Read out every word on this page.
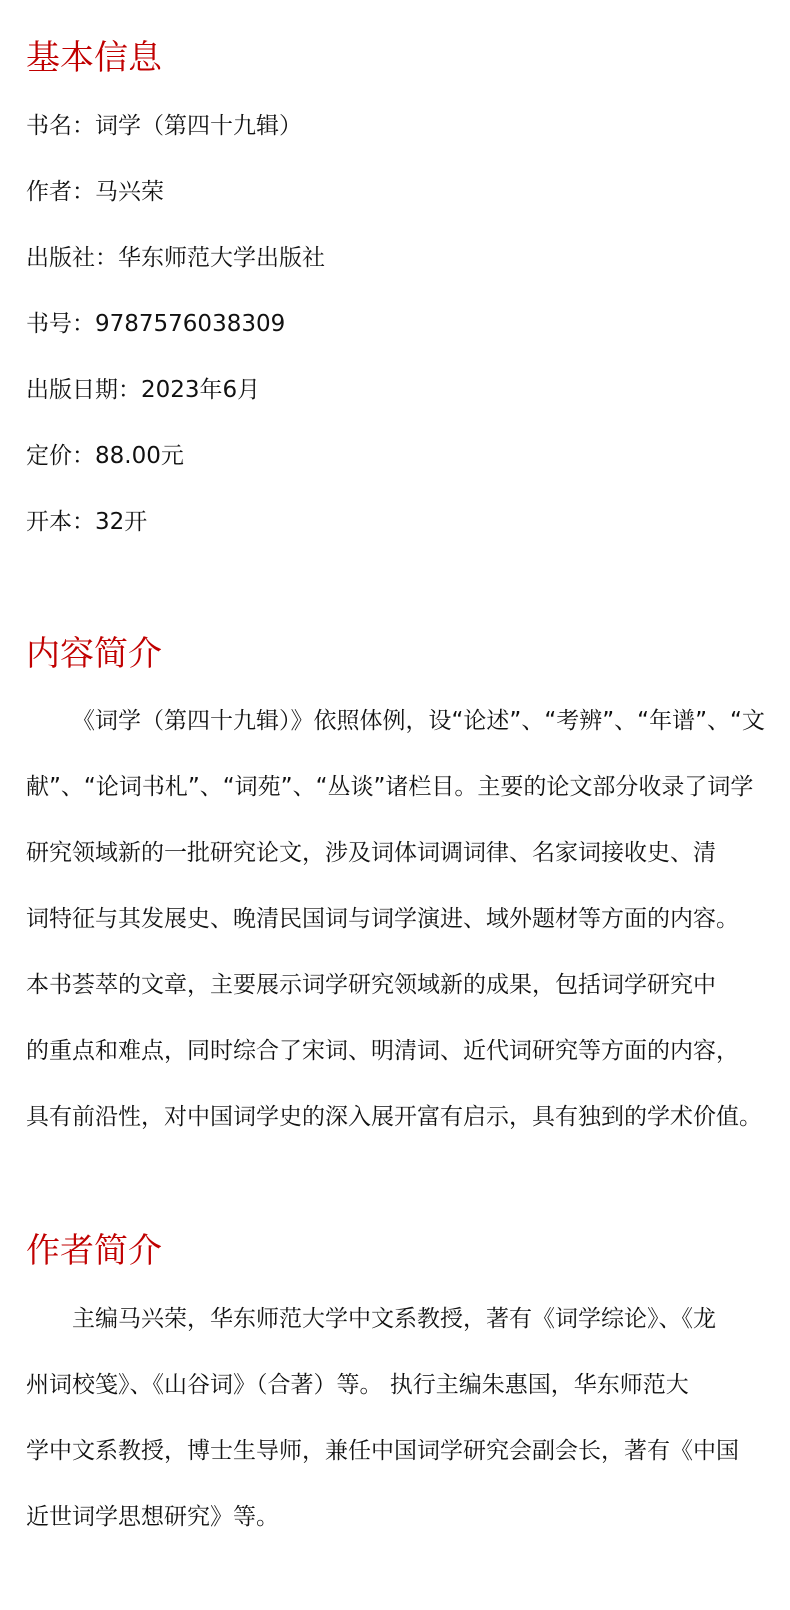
基本信息

书名：词学（第四十九辑）

作者：马兴荣

出版社：华东师范大学出版社

书号：9787576038309

出版日期：2023年6月

定价：88.00元

开本：32开

内容简介
《词学（第四十九辑）》依照体例，设“论述”、“考辨”、“年谱”、“文
献”、“论词书札”、“词苑”、“丛谈”诸栏目。主要的论文部分收录了词学
研究领域新的一批研究论文，涉及词体词调词律、名家词接收史、清
词特征与其发展史、晚清民国词与词学演进、域外题材等方面的内容。
本书荟萃的文章，主要展示词学研究领域新的成果，包括词学研究中
的重点和难点，同时综合了宋词、明清词、近代词研究等方面的内容，
具有前沿性，对中国词学史的深入展开富有启示，具有独到的学术价值。
作者简介
主编马兴荣，华东师范大学中文系教授，著有《词学综论》、《龙
州词校笺》、《山谷词》（合著）等。 执行主编朱惠国，华东师范大
学中文系教授，博士生导师，兼任中国词学研究会副会长，著有《中国
近世词学思想研究》等。
